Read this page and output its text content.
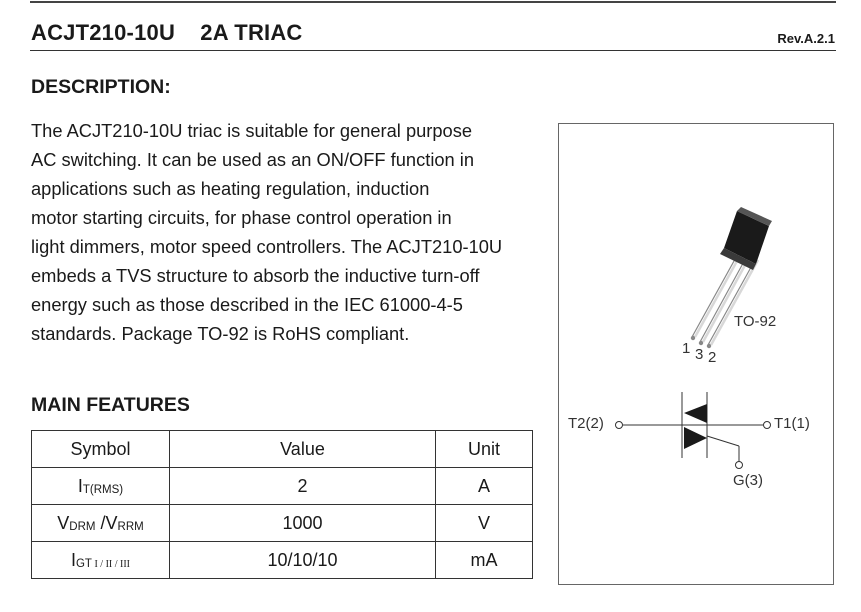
ACJT210-10U    2A TRIAC	Rev.A.2.1
DESCRIPTION:

The ACJT210-10U triac is suitable for general purpose
AC switching. It can be used as an ON/OFF function in
applications such as heating regulation, induction
motor starting circuits, for phase control operation in
light dimmers, motor speed controllers. The ACJT210-10U
embeds a TVS structure to absorb the inductive turn-off
energy such as those described in the IEC 61000-4-5
standards. Package TO-92 is RoHS compliant.

MAIN FEATURES
Symbol	Value	Unit
IT(RMS)	2	A
VDRM /VRRM	1000	V
IGT I / II / III	10/10/10	mA
TO-92
1 3 2
T2(2)	T1(1)
G(3)
